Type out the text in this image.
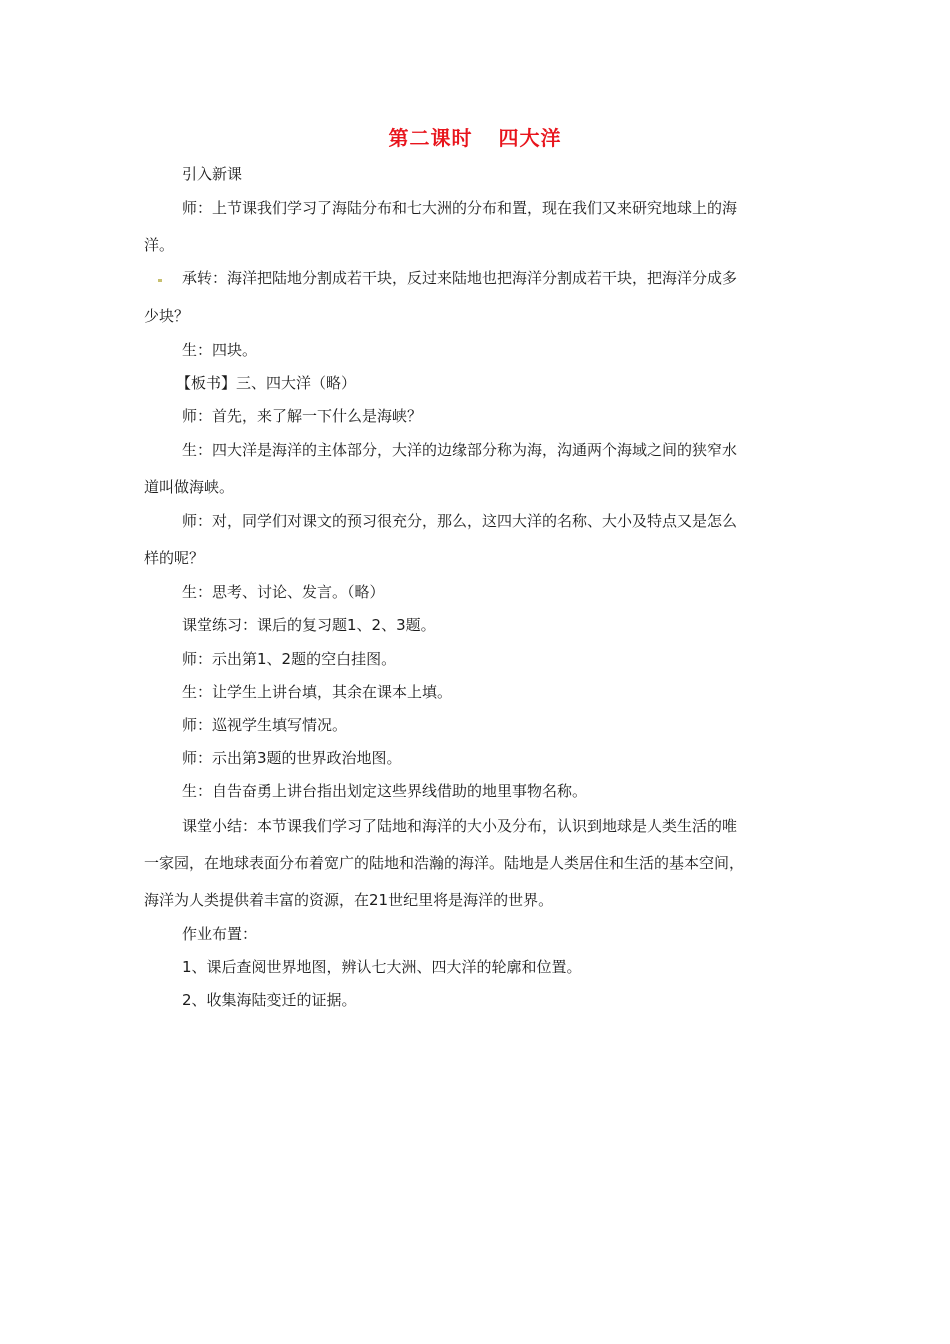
第二课时 四大洋
引入新课
师：上节课我们学习了海陆分布和七大洲的分布和置，现在我们又来研究地球上的海
洋。
承转：海洋把陆地分割成若干块，反过来陆地也把海洋分割成若干块，把海洋分成多
少块？
生：四块。
【板书】三、四大洋（略）
师：首先，来了解一下什么是海峡？
生：四大洋是海洋的主体部分，大洋的边缘部分称为海，沟通两个海域之间的狭窄水
道叫做海峡。
师：对，同学们对课文的预习很充分，那么，这四大洋的名称、大小及特点又是怎么
样的呢？
生：思考、讨论、发言。（略）
课堂练习：课后的复习题1、2、3题。
师：示出第1、2题的空白挂图。
生：让学生上讲台填，其余在课本上填。
师：巡视学生填写情况。
师：示出第3题的世界政治地图。
生：自告奋勇上讲台指出划定这些界线借助的地里事物名称。
课堂小结：本节课我们学习了陆地和海洋的大小及分布，认识到地球是人类生活的唯
一家园，在地球表面分布着宽广的陆地和浩瀚的海洋。陆地是人类居住和生活的基本空间，
海洋为人类提供着丰富的资源，在21世纪里将是海洋的世界。
作业布置：
1、课后查阅世界地图，辨认七大洲、四大洋的轮廓和位置。
2、收集海陆变迁的证据。
